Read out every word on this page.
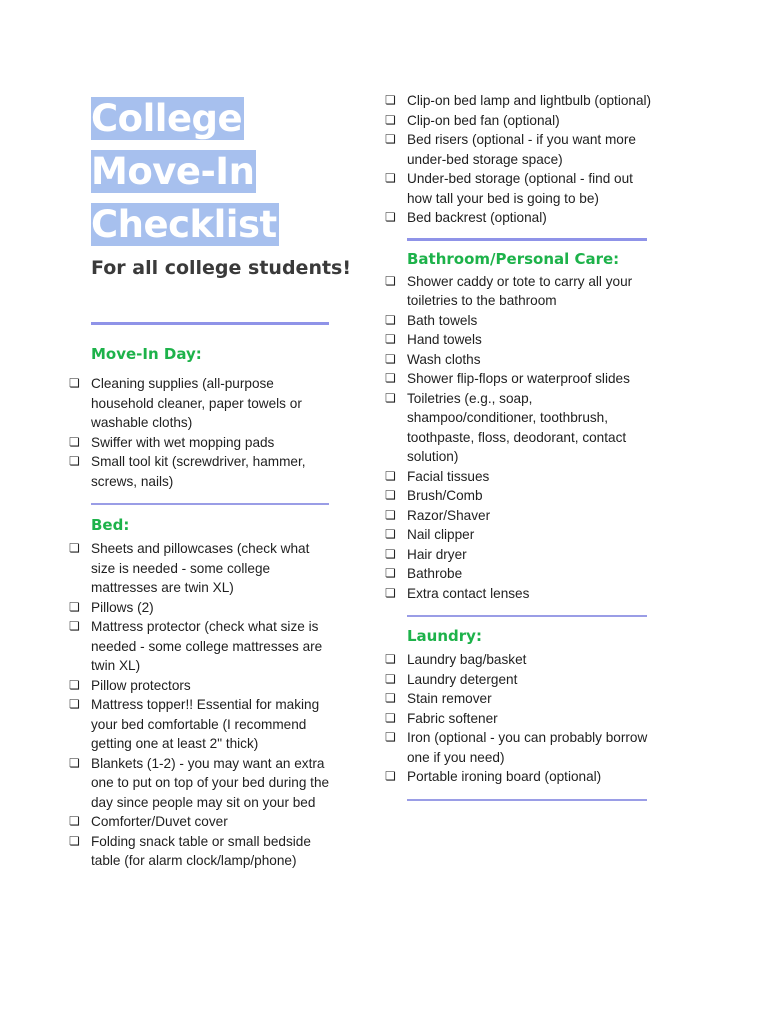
College
Move-In
Checklist

For all college students!

Move-In Day:
❏ Cleaning supplies (all-purpose household cleaner, paper towels or washable cloths)
❏ Swiffer with wet mopping pads
❏ Small tool kit (screwdriver, hammer, screws, nails)
Bed:
❏ Sheets and pillowcases (check what size is needed - some college mattresses are twin XL)
❏ Pillows (2)
❏ Mattress protector (check what size is needed - some college mattresses are twin XL)
❏ Pillow protectors
❏ Mattress topper!! Essential for making your bed comfortable (I recommend getting one at least 2" thick)
❏ Blankets (1-2) - you may want an extra one to put on top of your bed during the day since people may sit on your bed
❏ Comforter/Duvet cover
❏ Folding snack table or small bedside table (for alarm clock/lamp/phone)
❏ Clip-on bed lamp and lightbulb (optional)
❏ Clip-on bed fan (optional)
❏ Bed risers (optional - if you want more under-bed storage space)
❏ Under-bed storage (optional - find out how tall your bed is going to be)
❏ Bed backrest (optional)
Bathroom/Personal Care:
❏ Shower caddy or tote to carry all your toiletries to the bathroom
❏ Bath towels
❏ Hand towels
❏ Wash cloths
❏ Shower flip-flops or waterproof slides
❏ Toiletries (e.g., soap, shampoo/conditioner, toothbrush, toothpaste, floss, deodorant, contact solution)
❏ Facial tissues
❏ Brush/Comb
❏ Razor/Shaver
❏ Nail clipper
❏ Hair dryer
❏ Bathrobe
❏ Extra contact lenses
Laundry:
❏ Laundry bag/basket
❏ Laundry detergent
❏ Stain remover
❏ Fabric softener
❏ Iron (optional - you can probably borrow one if you need)
❏ Portable ironing board (optional)
